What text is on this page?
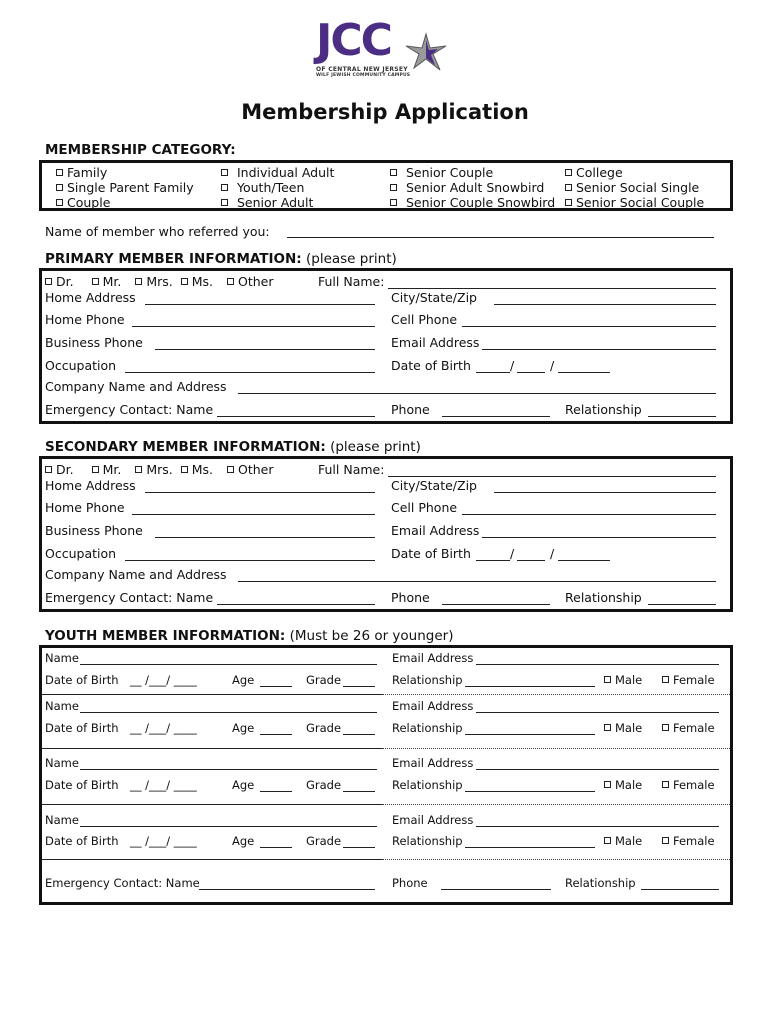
JCC
OF CENTRAL NEW JERSEY
WILF JEWISH COMMUNITY CAMPUS
Membership Application
MEMBERSHIP CATEGORY:
Family
Single Parent Family
Couple
Individual Adult
Youth/Teen
Senior Adult
Senior Couple
Senior Adult Snowbird
Senior Couple Snowbird
College
Senior Social Single
Senior Social Couple
Name of member who referred you:
PRIMARY MEMBER INFORMATION: (please print)
Dr. Mr. Mrs. Ms. Other	Full Name:
Home Address	City/State/Zip
Home Phone	Cell Phone
Business Phone	Email Address
Occupation	Date of Birth	/	/
Company Name and Address
Emergency Contact: Name	Phone	Relationship
SECONDARY MEMBER INFORMATION: (please print)
Dr. Mr. Mrs. Ms. Other	Full Name:
Home Address	City/State/Zip
Home Phone	Cell Phone
Business Phone	Email Address
Occupation	Date of Birth	/	/
Company Name and Address
Emergency Contact: Name	Phone	Relationship
YOUTH MEMBER INFORMATION: (Must be 26 or younger)
Name	Email Address
Date of Birth __ /___/ ____	Age	Grade	Relationship	Male	Female
Name	Email Address
Date of Birth __ /___/ ____	Age	Grade	Relationship	Male	Female
Name	Email Address
Date of Birth __ /___/ ____	Age	Grade	Relationship	Male	Female
Name	Email Address
Date of Birth __ /___/ ____	Age	Grade	Relationship	Male	Female
Emergency Contact: Name	Phone	Relationship
